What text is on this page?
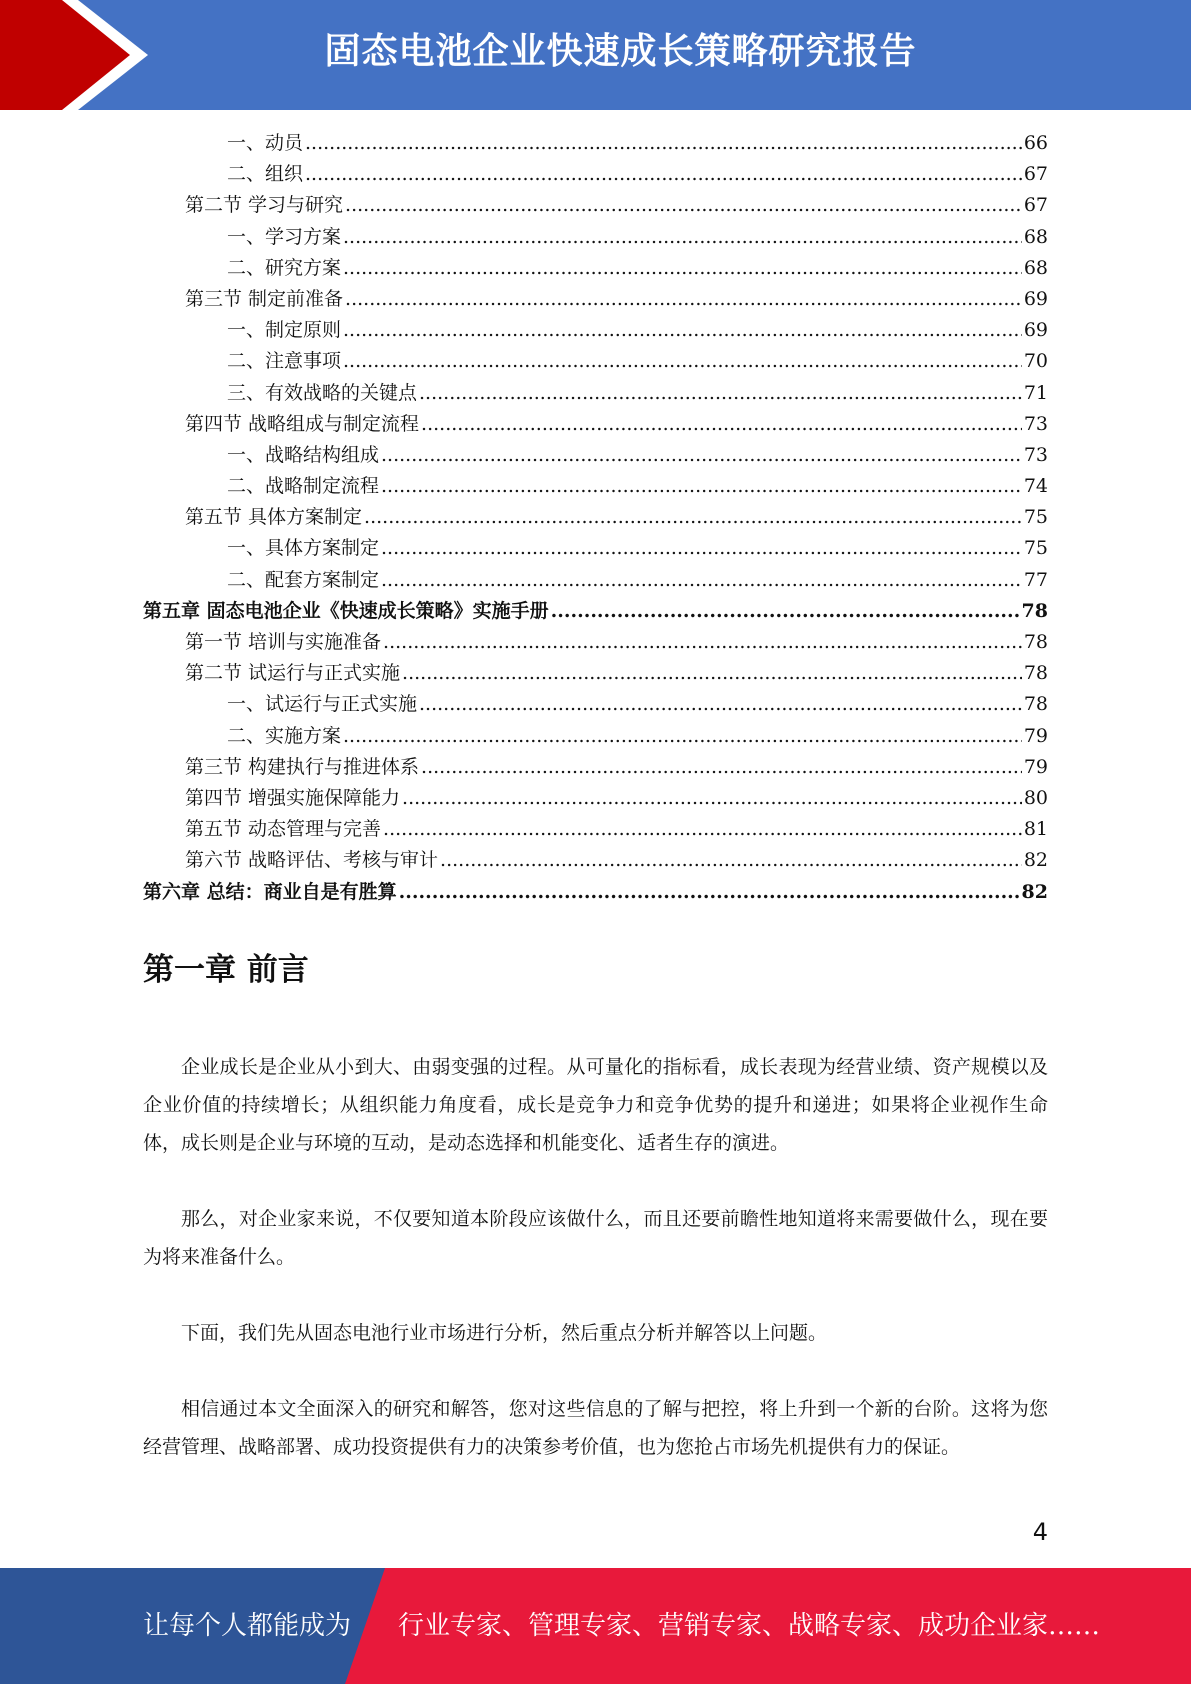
固态电池企业快速成长策略研究报告
一、动员 .....	66
二、组织 .....	67
第二节 学习与研究 .....	67
一、学习方案 .....	68
二、研究方案 .....	68
第三节 制定前准备 .....	69
一、制定原则 .....	69
二、注意事项 .....	70
三、有效战略的关键点 .....	71
第四节 战略组成与制定流程 .....	73
一、战略结构组成 .....	73
二、战略制定流程 .....	74
第五节 具体方案制定 .....	75
一、具体方案制定 .....	75
二、配套方案制定 .....	77
第五章 固态电池企业《快速成长策略》实施手册 .....	78
第一节 培训与实施准备 .....	78
第二节 试运行与正式实施 .....	78
一、试运行与正式实施 .....	78
二、实施方案 .....	79
第三节 构建执行与推进体系 .....	79
第四节 增强实施保障能力 .....	80
第五节 动态管理与完善 .....	81
第六节 战略评估、考核与审计 .....	82
第六章 总结：商业自是有胜算 .....	82
第一章 前言

企业成长是企业从小到大、由弱变强的过程。从可量化的指标看，成长表现为经营业绩、资产规模以及企业价值的持续增长；从组织能力角度看，成长是竞争力和竞争优势的提升和递进；如果将企业视作生命体，成长则是企业与环境的互动，是动态选择和机能变化、适者生存的演进。

那么，对企业家来说，不仅要知道本阶段应该做什么，而且还要前瞻性地知道将来需要做什么，现在要为将来准备什么。

下面，我们先从固态电池行业市场进行分析，然后重点分析并解答以上问题。

相信通过本文全面深入的研究和解答，您对这些信息的了解与把控，将上升到一个新的台阶。这将为您经营管理、战略部署、成功投资提供有力的决策参考价值，也为您抢占市场先机提供有力的保证。

4
让每个人都能成为 行业专家、管理专家、营销专家、战略专家、成功企业家……
